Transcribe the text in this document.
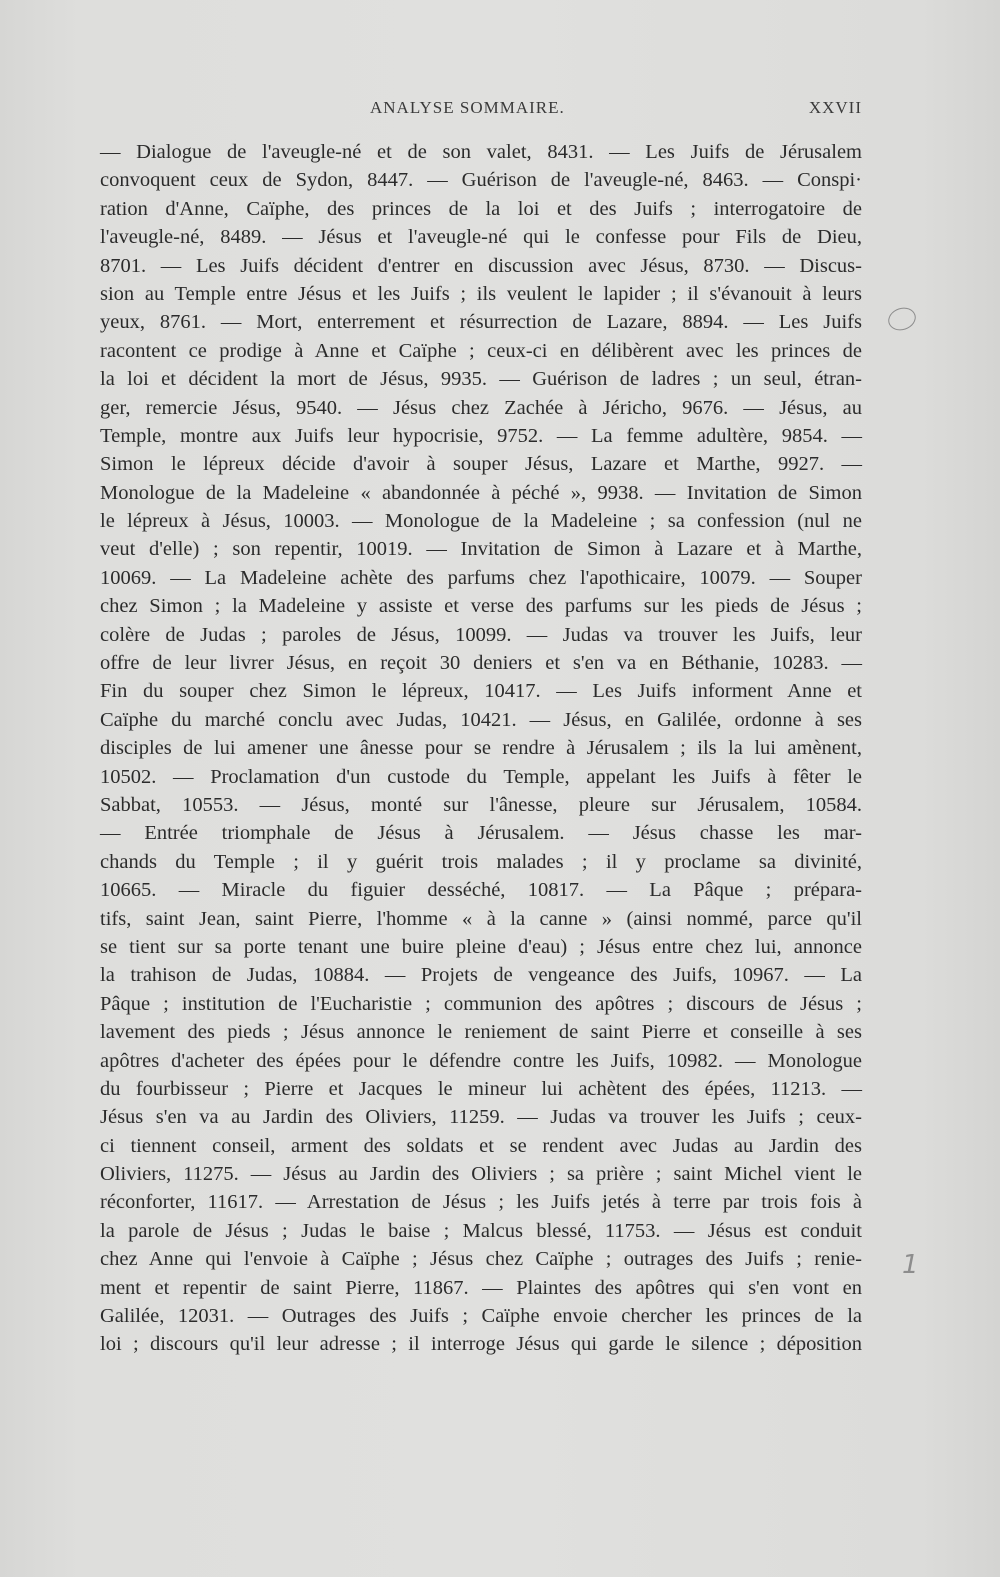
ANALYSE SOMMAIRE.	XXVII
— Dialogue de l'aveugle-né et de son valet, 8431. — Les Juifs de Jérusalem
convoquent ceux de Sydon, 8447. — Guérison de l'aveugle-né, 8463. — Conspi·
ration d'Anne, Caïphe, des princes de la loi et des Juifs ; interrogatoire de
l'aveugle-né, 8489. — Jésus et l'aveugle-né qui le confesse pour Fils de Dieu,
8701. — Les Juifs décident d'entrer en discussion avec Jésus, 8730. — Discus-
sion au Temple entre Jésus et les Juifs ; ils veulent le lapider ; il s'évanouit à leurs
yeux, 8761. — Mort, enterrement et résurrection de Lazare, 8894. — Les Juifs
racontent ce prodige à Anne et Caïphe ; ceux-ci en délibèrent avec les princes de
la loi et décident la mort de Jésus, 9935. — Guérison de ladres ; un seul, étran-
ger, remercie Jésus, 9540. — Jésus chez Zachée à Jéricho, 9676. — Jésus, au
Temple, montre aux Juifs leur hypocrisie, 9752. — La femme adultère, 9854. —
Simon le lépreux décide d'avoir à souper Jésus, Lazare et Marthe, 9927. —
Monologue de la Madeleine « abandonnée à péché », 9938. — Invitation de Simon
le lépreux à Jésus, 10003. — Monologue de la Madeleine ; sa confession (nul ne
veut d'elle) ; son repentir, 10019. — Invitation de Simon à Lazare et à Marthe,
10069. — La Madeleine achète des parfums chez l'apothicaire, 10079. — Souper
chez Simon ; la Madeleine y assiste et verse des parfums sur les pieds de Jésus ;
colère de Judas ; paroles de Jésus, 10099. — Judas va trouver les Juifs, leur
offre de leur livrer Jésus, en reçoit 30 deniers et s'en va en Béthanie, 10283. —
Fin du souper chez Simon le lépreux, 10417. — Les Juifs informent Anne et
Caïphe du marché conclu avec Judas, 10421. — Jésus, en Galilée, ordonne à ses
disciples de lui amener une ânesse pour se rendre à Jérusalem ; ils la lui amènent,
10502. — Proclamation d'un custode du Temple, appelant les Juifs à fêter le
Sabbat, 10553. — Jésus, monté sur l'ânesse, pleure sur Jérusalem, 10584.
— Entrée triomphale de Jésus à Jérusalem. — Jésus chasse les mar-
chands du Temple ; il y guérit trois malades ; il y proclame sa divinité,
10665. — Miracle du figuier desséché, 10817. — La Pâque ; prépara-
tifs, saint Jean, saint Pierre, l'homme « à la canne » (ainsi nommé, parce qu'il
se tient sur sa porte tenant une buire pleine d'eau) ; Jésus entre chez lui, annonce
la trahison de Judas, 10884. — Projets de vengeance des Juifs, 10967. — La
Pâque ; institution de l'Eucharistie ; communion des apôtres ; discours de Jésus ;
lavement des pieds ; Jésus annonce le reniement de saint Pierre et conseille à ses
apôtres d'acheter des épées pour le défendre contre les Juifs, 10982. — Monologue
du fourbisseur ; Pierre et Jacques le mineur lui achètent des épées, 11213. —
Jésus s'en va au Jardin des Oliviers, 11259. — Judas va trouver les Juifs ; ceux-
ci tiennent conseil, arment des soldats et se rendent avec Judas au Jardin des
Oliviers, 11275. — Jésus au Jardin des Oliviers ; sa prière ; saint Michel vient le
réconforter, 11617. — Arrestation de Jésus ; les Juifs jetés à terre par trois fois à
la parole de Jésus ; Judas le baise ; Malcus blessé, 11753. — Jésus est conduit
chez Anne qui l'envoie à Caïphe ; Jésus chez Caïphe ; outrages des Juifs ; renie-
ment et repentir de saint Pierre, 11867. — Plaintes des apôtres qui s'en vont en
Galilée, 12031. — Outrages des Juifs ; Caïphe envoie chercher les princes de la
loi ; discours qu'il leur adresse ; il interroge Jésus qui garde le silence ; déposition
1
